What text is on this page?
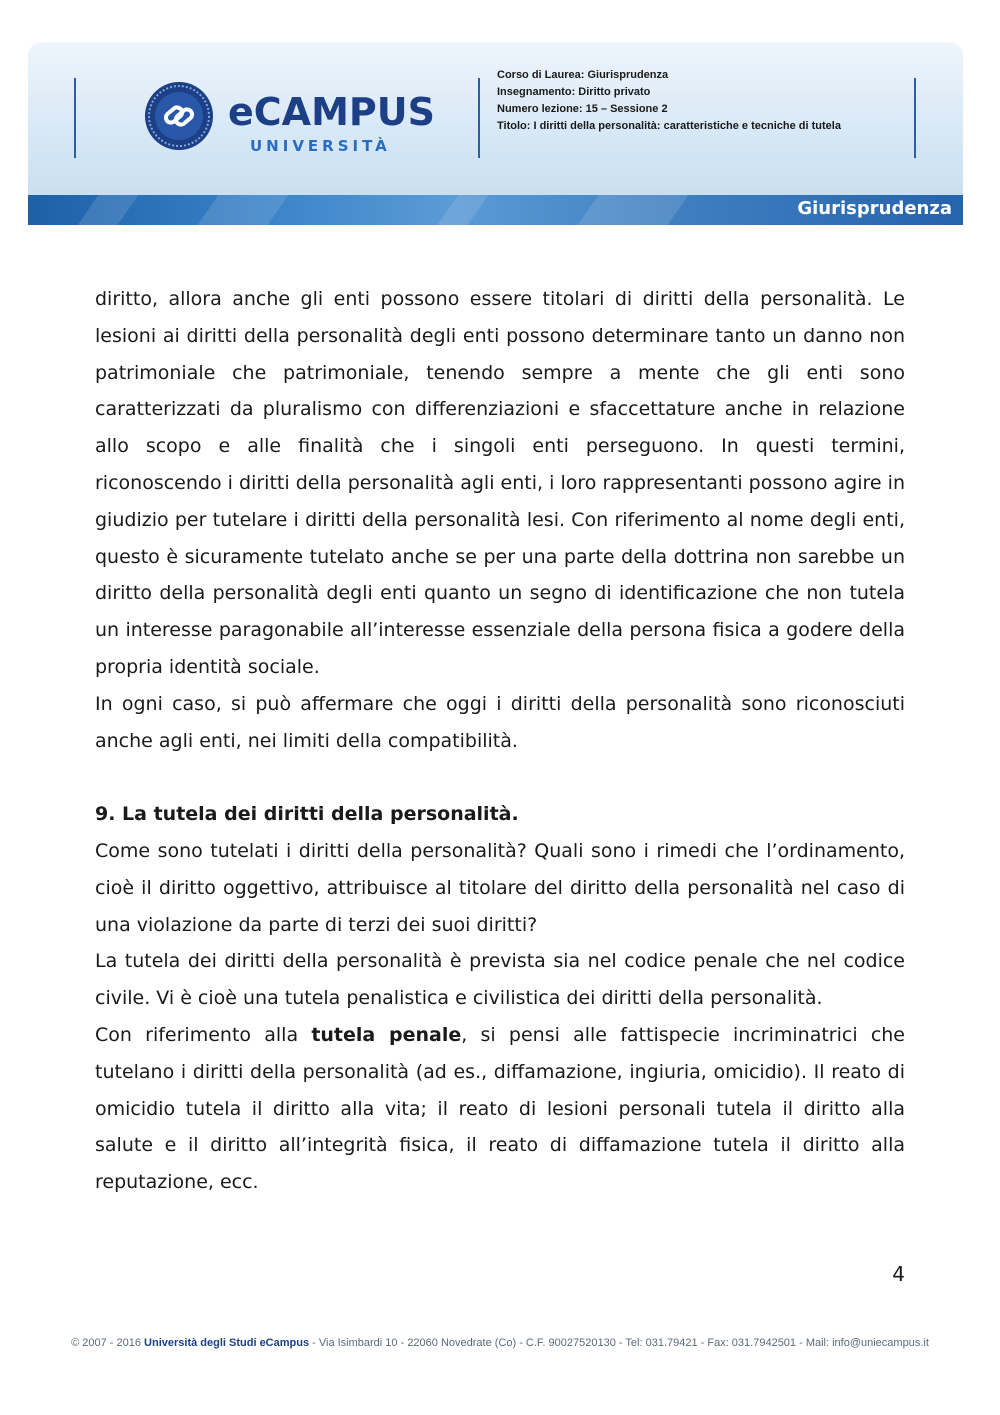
eCAMPUS
UNIVERSITÀ
Corso di Laurea: Giurisprudenza
Insegnamento: Diritto privato
Numero lezione: 15 – Sessione 2
Titolo: I diritti della personalità: caratteristiche e tecniche di tutela
Giurisprudenza

diritto, allora anche gli enti possono essere titolari di diritti della personalità. Le lesioni ai diritti della personalità degli enti possono determinare tanto un danno non patrimoniale che patrimoniale, tenendo sempre a mente che gli enti sono caratterizzati da pluralismo con differenziazioni e sfaccettature anche in relazione allo scopo e alle finalità che i singoli enti perseguono. In questi termini, riconoscendo i diritti della personalità agli enti, i loro rappresentanti possono agire in giudizio per tutelare i diritti della personalità lesi. Con riferimento al nome degli enti, questo è sicuramente tutelato anche se per una parte della dottrina non sarebbe un diritto della personalità degli enti quanto un segno di identificazione che non tutela un interesse paragonabile all’interesse essenziale della persona fisica a godere della propria identità sociale.

In ogni caso, si può affermare che oggi i diritti della personalità sono riconosciuti anche agli enti, nei limiti della compatibilità.

9. La tutela dei diritti della personalità.

Come sono tutelati i diritti della personalità? Quali sono i rimedi che l’ordinamento, cioè il diritto oggettivo, attribuisce al titolare del diritto della personalità nel caso di una violazione da parte di terzi dei suoi diritti?

La tutela dei diritti della personalità è prevista sia nel codice penale che nel codice civile. Vi è cioè una tutela penalistica e civilistica dei diritti della personalità.

Con riferimento alla tutela penale, si pensi alle fattispecie incriminatrici che tutelano i diritti della personalità (ad es., diffamazione, ingiuria, omicidio). Il reato di omicidio tutela il diritto alla vita; il reato di lesioni personali tutela il diritto alla salute e il diritto all’integrità fisica, il reato di diffamazione tutela il diritto alla reputazione, ecc.

4
© 2007 - 2016 Università degli Studi eCampus - Via Isimbardi 10 - 22060 Novedrate (Co) - C.F. 90027520130 - Tel: 031.79421 - Fax: 031.7942501 - Mail: info@uniecampus.it
